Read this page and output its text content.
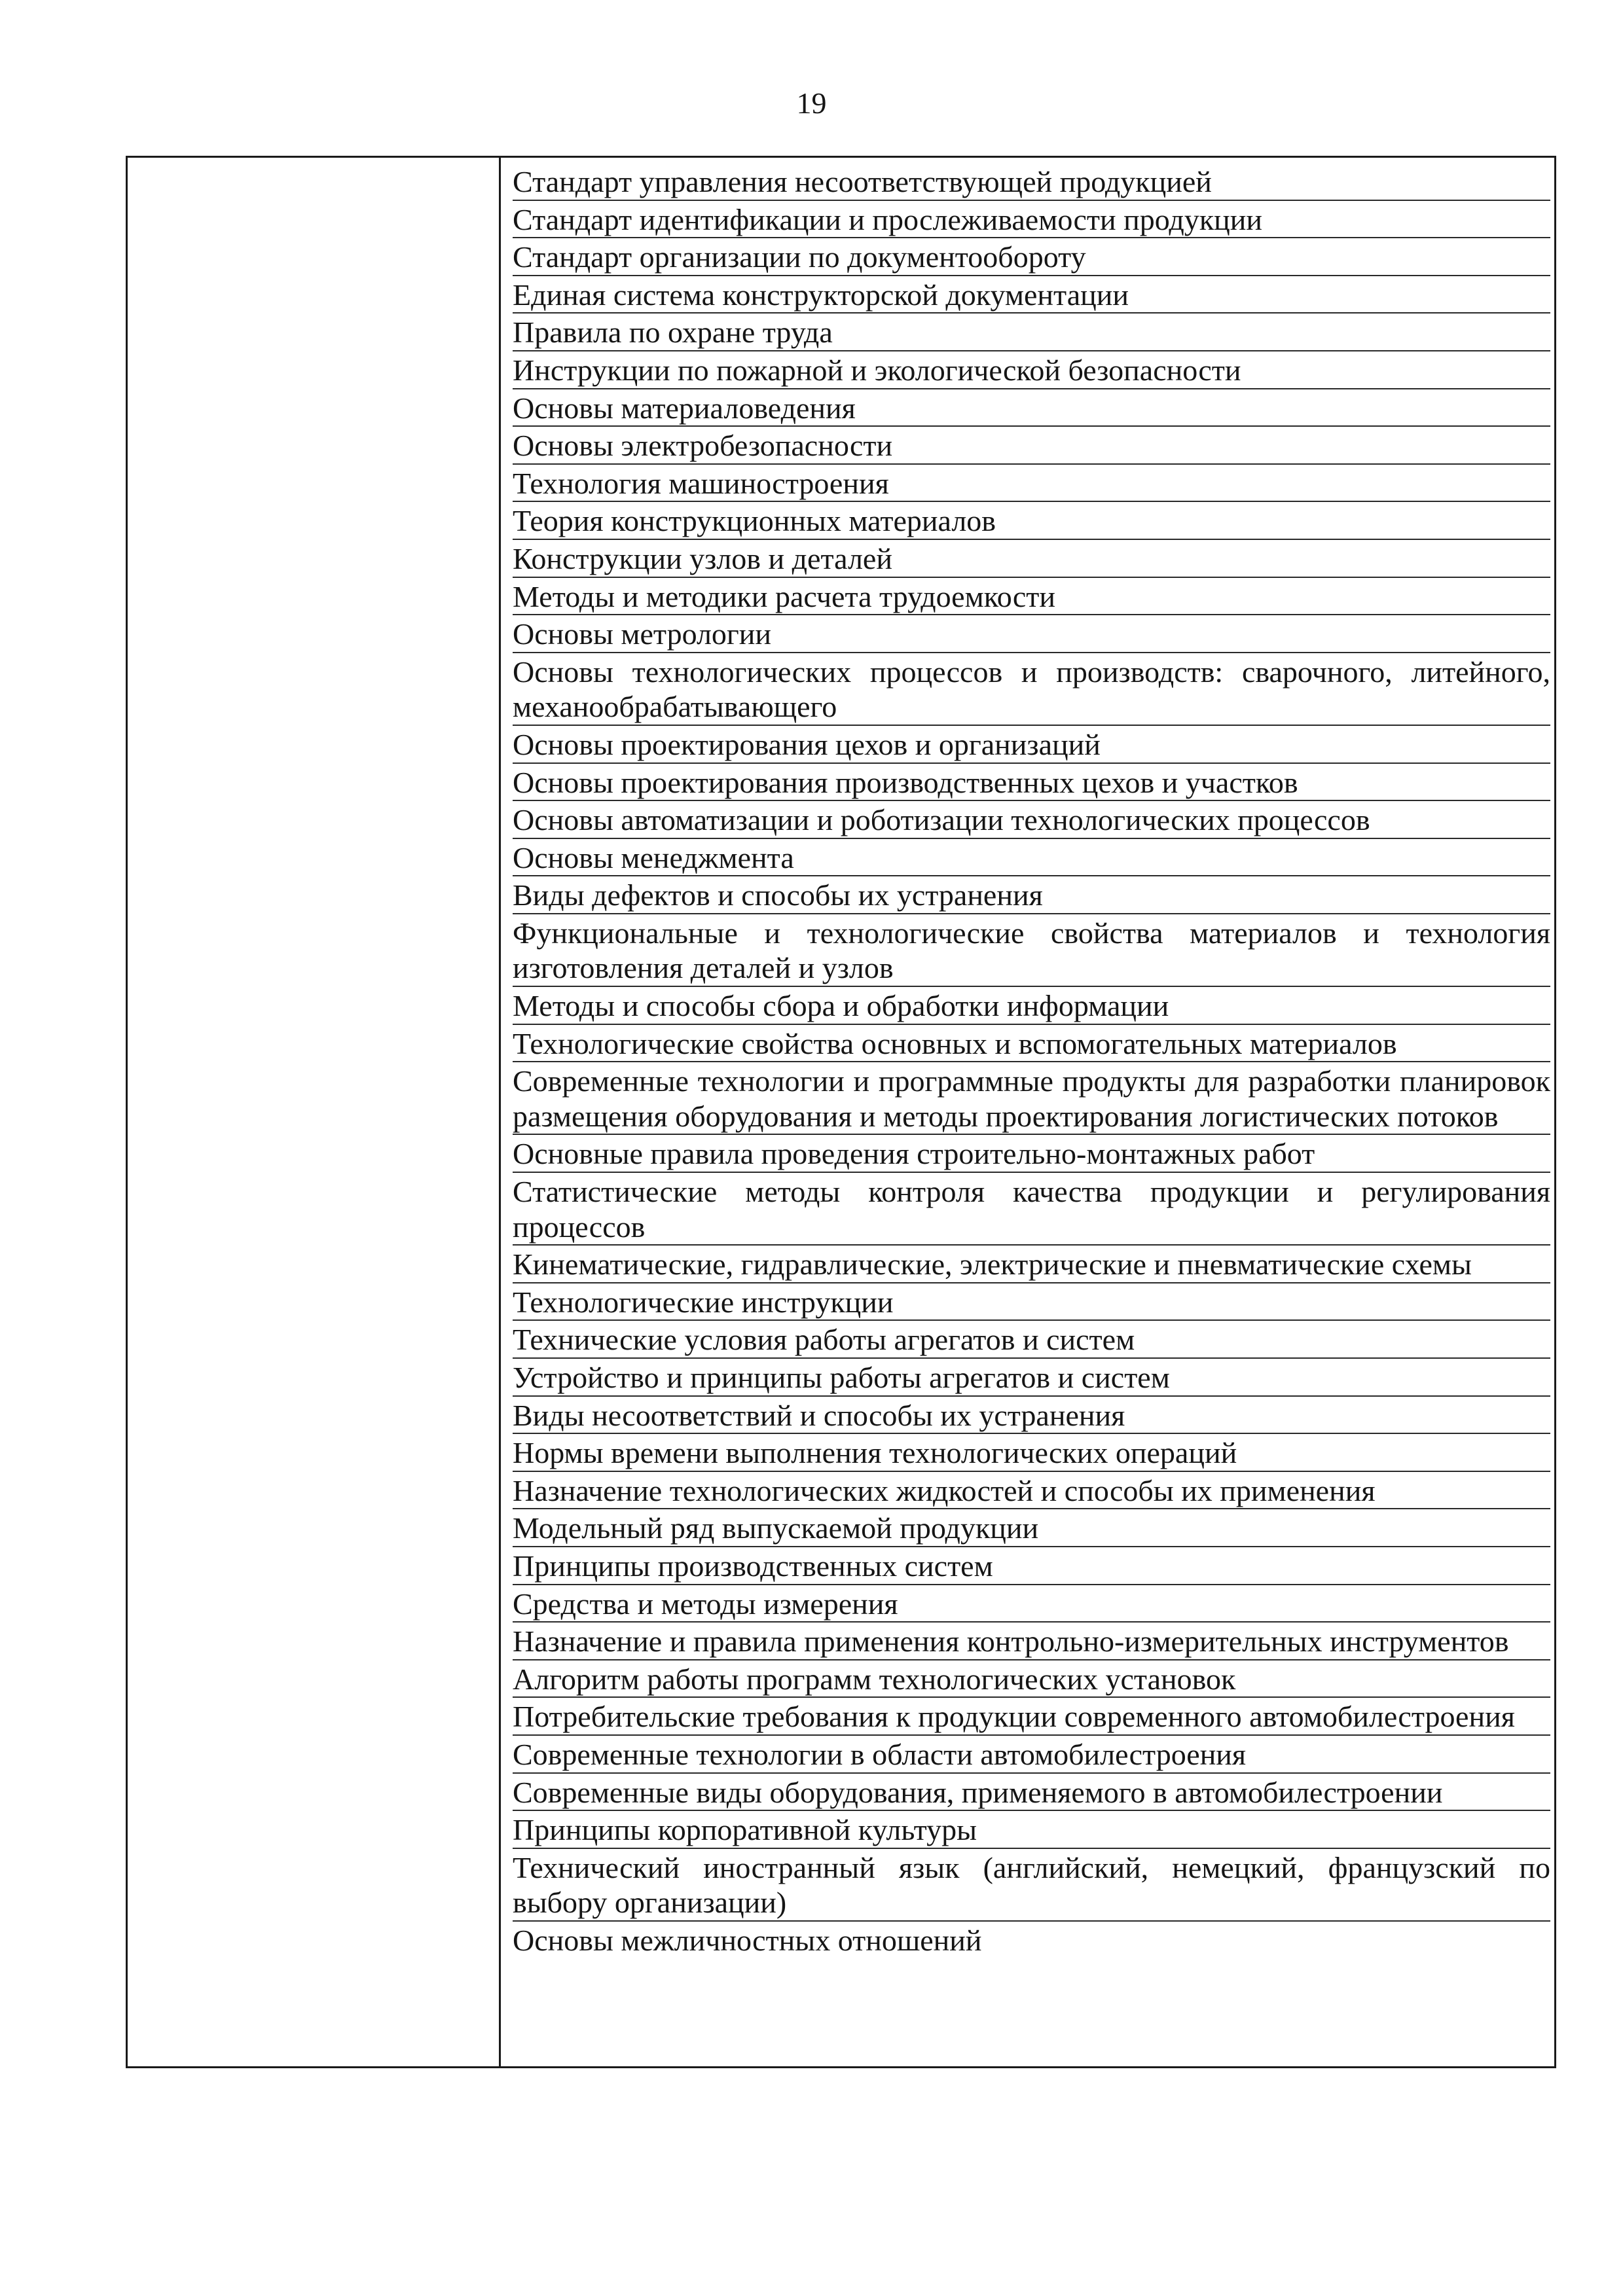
19
Стандарт управления несоответствующей продукцией
Стандарт идентификации и прослеживаемости продукции
Стандарт организации по документообороту
Единая система конструкторской документации
Правила по охране труда
Инструкции по пожарной и экологической безопасности
Основы материаловедения
Основы электробезопасности
Технология машиностроения
Теория конструкционных материалов
Конструкции узлов и деталей
Методы и методики расчета трудоемкости
Основы метрологии
Основы технологических процессов и производств: сварочного, литейного, механообрабатывающего
Основы проектирования цехов и организаций
Основы проектирования производственных цехов и участков
Основы автоматизации и роботизации технологических процессов
Основы менеджмента
Виды дефектов и способы их устранения
Функциональные и технологические свойства материалов и технология изготовления деталей и узлов
Методы и способы сбора и обработки информации
Технологические свойства основных и вспомогательных материалов
Современные технологии и программные продукты для разработки планировок размещения оборудования и методы проектирования логистических потоков
Основные правила проведения строительно-монтажных работ
Статистические методы контроля качества продукции и регулирования процессов
Кинематические, гидравлические, электрические и пневматические схемы
Технологические инструкции
Технические условия работы агрегатов и систем
Устройство и принципы работы агрегатов и систем
Виды несоответствий и способы их устранения
Нормы времени выполнения технологических операций
Назначение технологических жидкостей и способы их применения
Модельный ряд выпускаемой продукции
Принципы производственных систем
Средства и методы измерения
Назначение и правила применения контрольно-измерительных инструментов
Алгоритм работы программ технологических установок
Потребительские требования к продукции современного автомобилестроения
Современные технологии в области автомобилестроения
Современные виды оборудования, применяемого в автомобилестроении
Принципы корпоративной культуры
Технический иностранный язык (английский, немецкий, французский по выбору организации)
Основы межличностных отношений
